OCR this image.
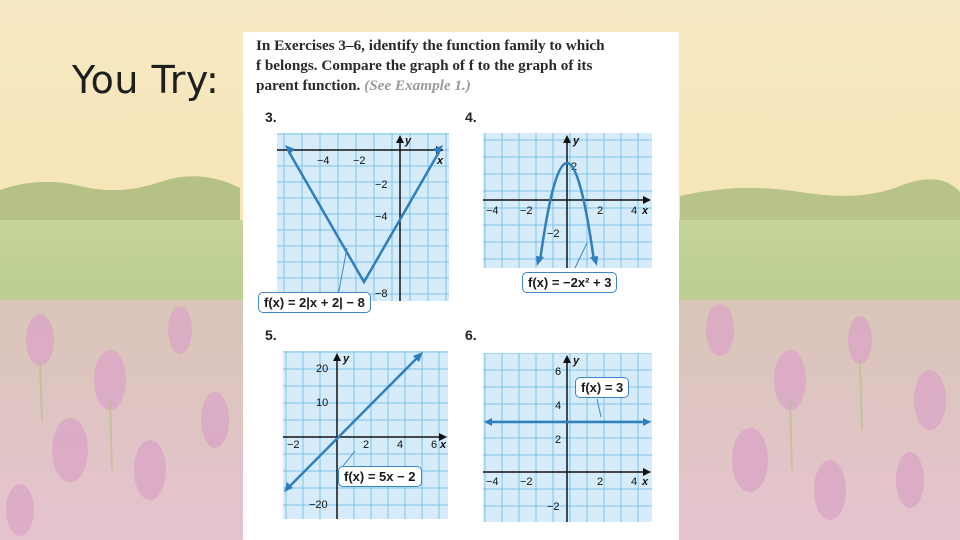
You Try:
In Exercises 3–6, identify the function family to which
f belongs. Compare the graph of f to the graph of its
parent function. (See Example 1.)
3.	4.
5.	6.
y
x
−4 −2
−2
−4
−8
f(x) = 2|x + 2| − 8
y
x
−4 −2	2	4
2
−2
f(x) = −2x² + 3
y
x
−2	2	4	6
20
10
−20
f(x) = 5x − 2
y
x
−4 −2	2	4
6
4
2
−2
f(x) = 3
